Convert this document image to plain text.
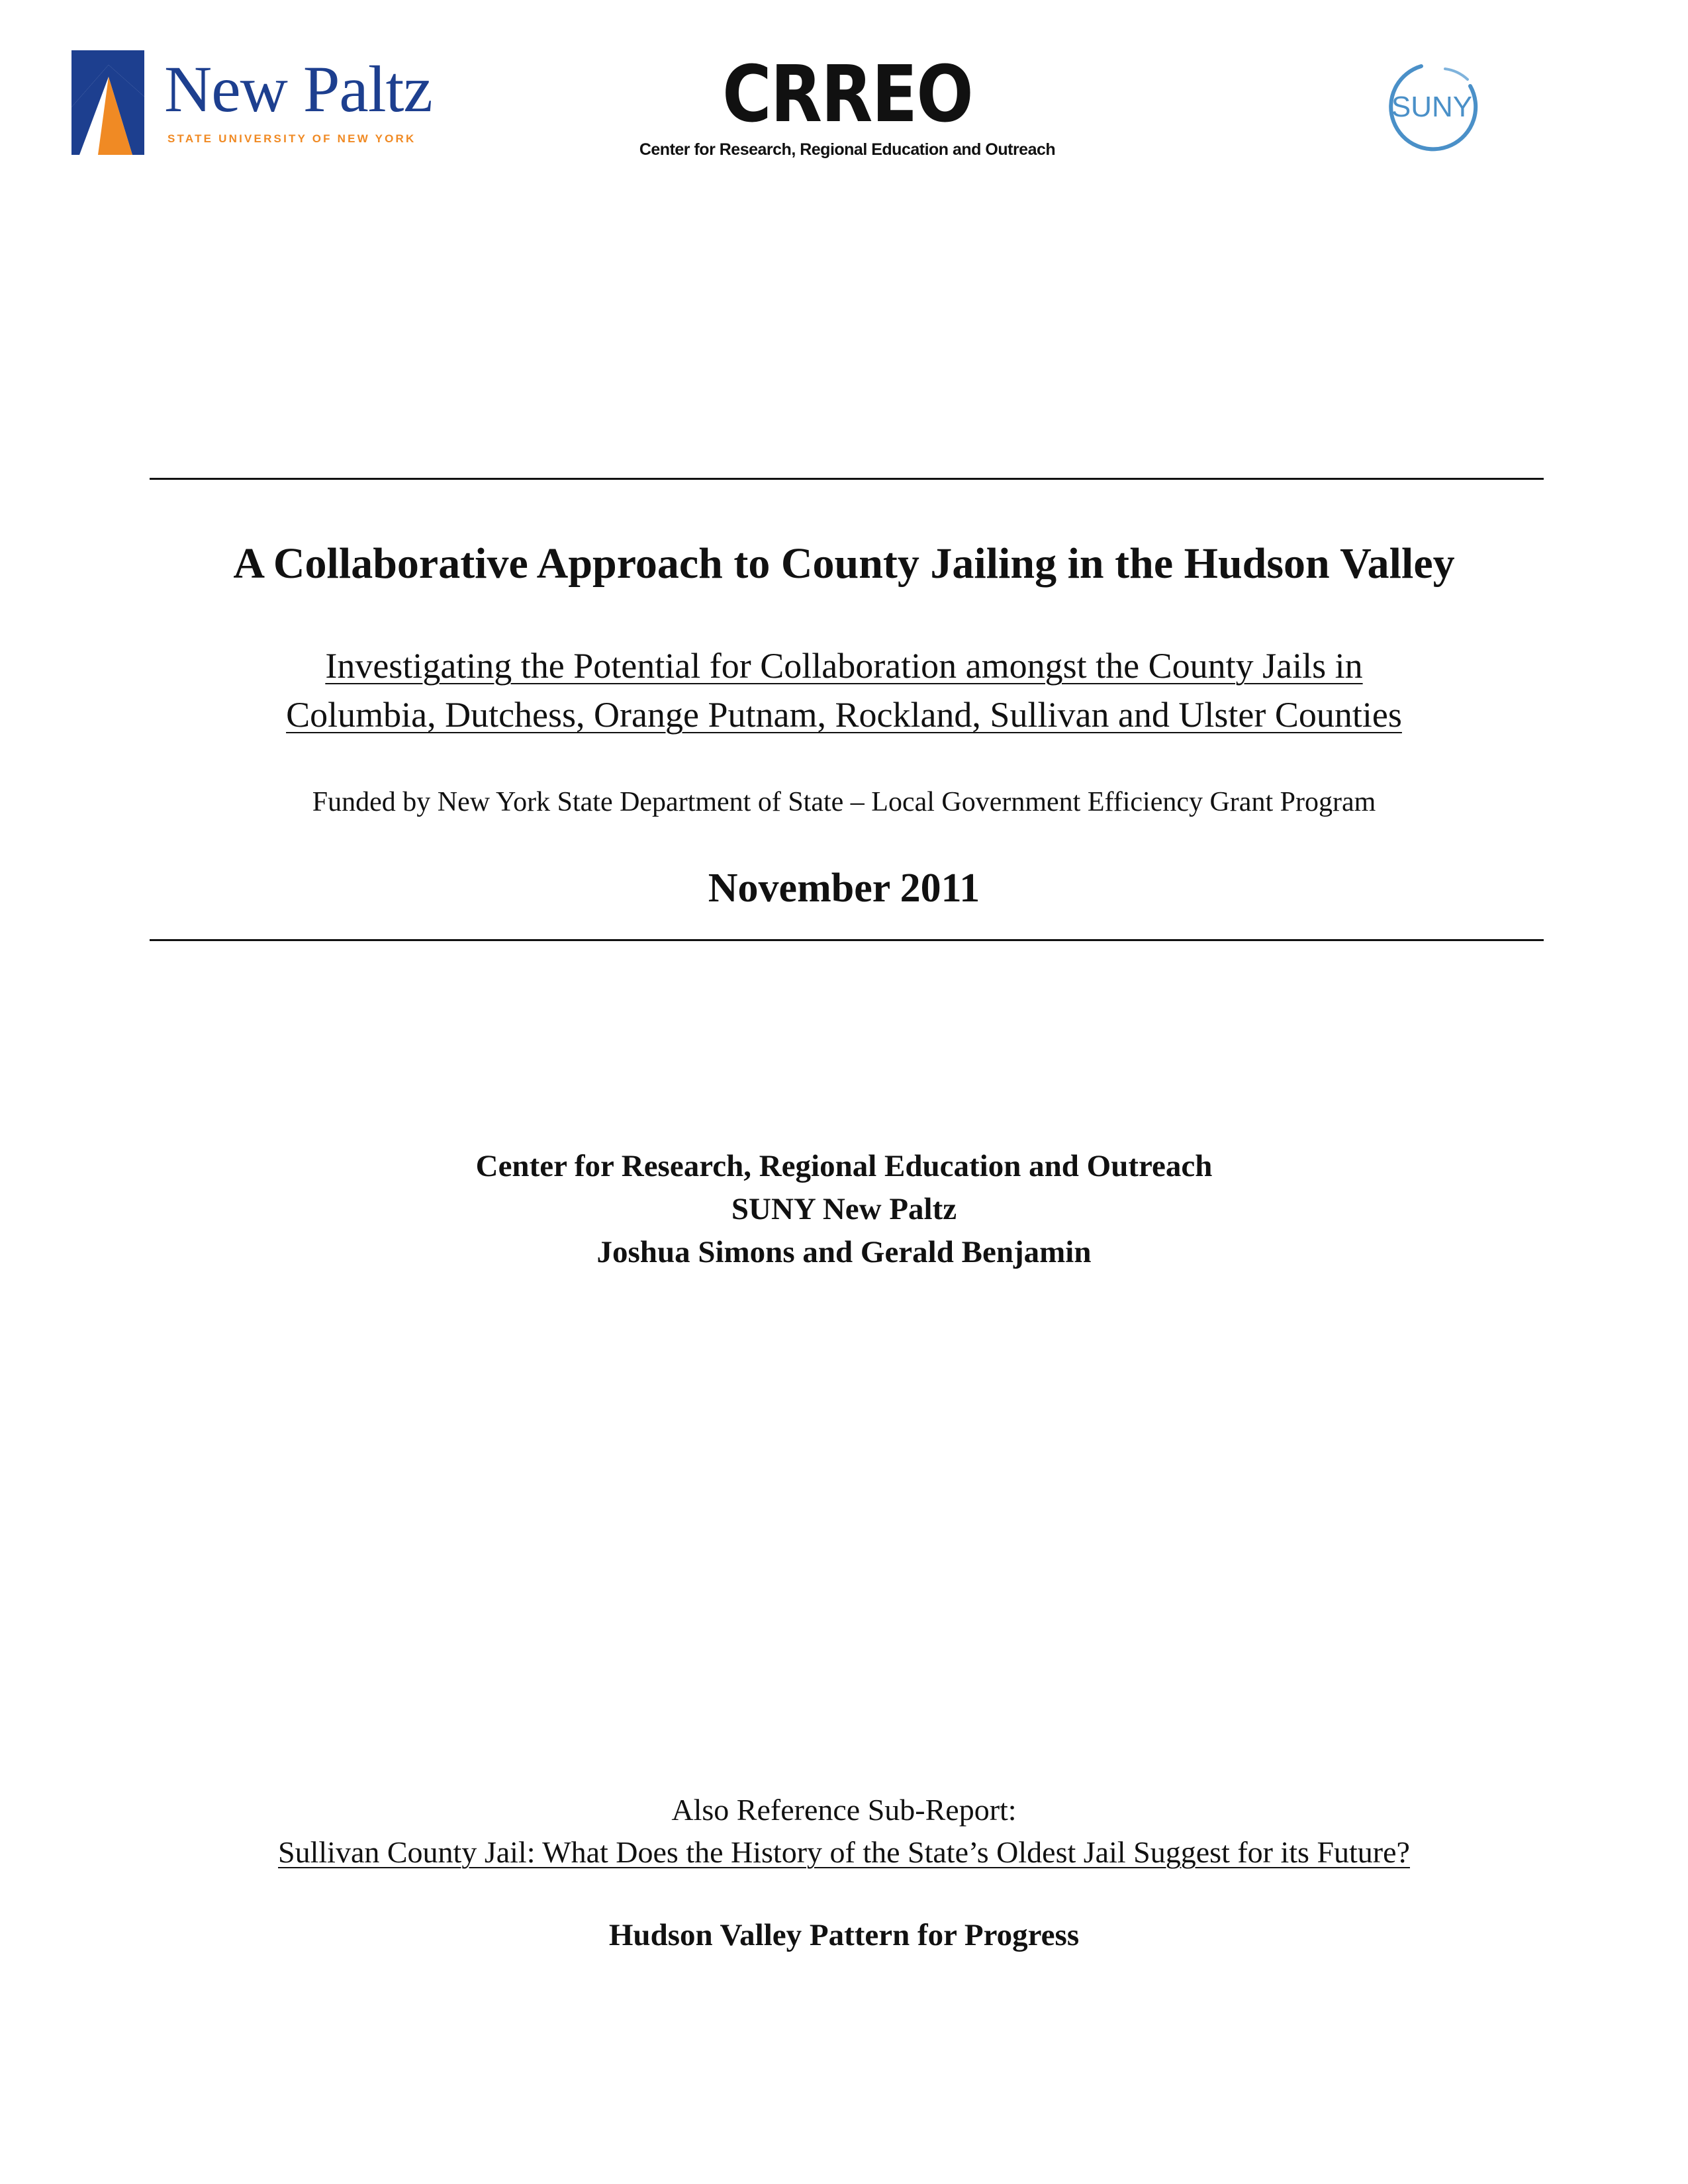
New Paltz
STATE UNIVERSITY OF NEW YORK	CRREO
Center for Research, Regional Education and Outreach
SUNY
A Collaborative Approach to County Jailing in the Hudson Valley
Investigating the Potential for Collaboration amongst the County Jails in
Columbia, Dutchess, Orange Putnam, Rockland, Sullivan and Ulster Counties
Funded by New York State Department of State – Local Government Efficiency Grant Program
November 2011
Center for Research, Regional Education and Outreach
SUNY New Paltz
Joshua Simons and Gerald Benjamin
Also Reference Sub-Report:
Sullivan County Jail: What Does the History of the State’s Oldest Jail Suggest for its Future?
Hudson Valley Pattern for Progress
